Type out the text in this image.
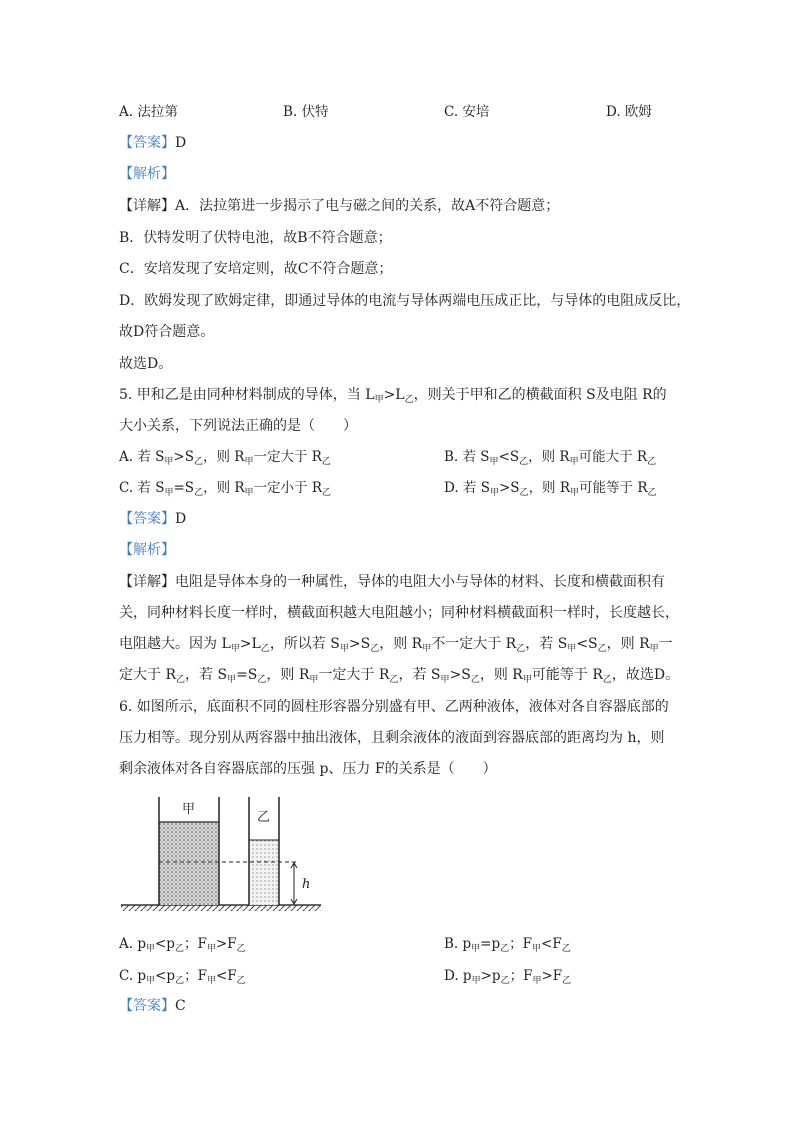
A. 法拉第	B. 伏特	C. 安培	D. 欧姆
【答案】D
【解析】
【详解】A．法拉第进一步揭示了电与磁之间的关系，故A不符合题意；
B．伏特发明了伏特电池，故B不符合题意；
C．安培发现了安培定则，故C不符合题意；
D．欧姆发现了欧姆定律，即通过导体的电流与导体两端电压成正比，与导体的电阻成反比，
故D符合题意。
故选D。
5. 甲和乙是由同种材料制成的导体，当 $L_甲>L_乙$，则关于甲和乙的横截面积 S及电阻 R的
大小关系，下列说法正确的是（　　）
A. 若 $S_甲>S_乙$，则 $R_甲$一定大于 $R_乙$	B. 若 $S_甲<S_乙$，则 $R_甲$可能大于 $R_乙$
C. 若 $S_甲=S_乙$，则 $R_甲$一定小于 $R_乙$	D. 若 $S_甲>S_乙$，则 $R_甲$可能等于 $R_乙$
【答案】D
【解析】
【详解】电阻是导体本身的一种属性，导体的电阻大小与导体的材料、长度和横截面积有
关，同种材料长度一样时，横截面积越大电阻越小；同种材料横截面积一样时，长度越长，
电阻越大。因为 $L_甲>L_乙$，所以若 $S_甲>S_乙$，则 $R_甲$不一定大于 $R_乙$，若 $S_甲<S_乙$，则 $R_甲$一
定大于 $R_乙$，若 $S_甲=S_乙$，则 $R_甲$一定大于 $R_乙$，若 $S_甲>S_乙$，则 $R_甲$可能等于 $R_乙$，故选D。
6. 如图所示，底面积不同的圆柱形容器分别盛有甲、乙两种液体，液体对各自容器底部的
压力相等。现分别从两容器中抽出液体，且剩余液体的液面到容器底部的距离均为 h，则
剩余液体对各自容器底部的压强 p、压力 F的关系是（　　）
甲
乙
h
A. $p_甲<p_乙$；$F_甲>F_乙$	B. $p_甲=p_乙$；$F_甲<F_乙$
C. $p_甲<p_乙$；$F_甲<F_乙$	D. $p_甲>p_乙$；$F_甲>F_乙$
【答案】C
